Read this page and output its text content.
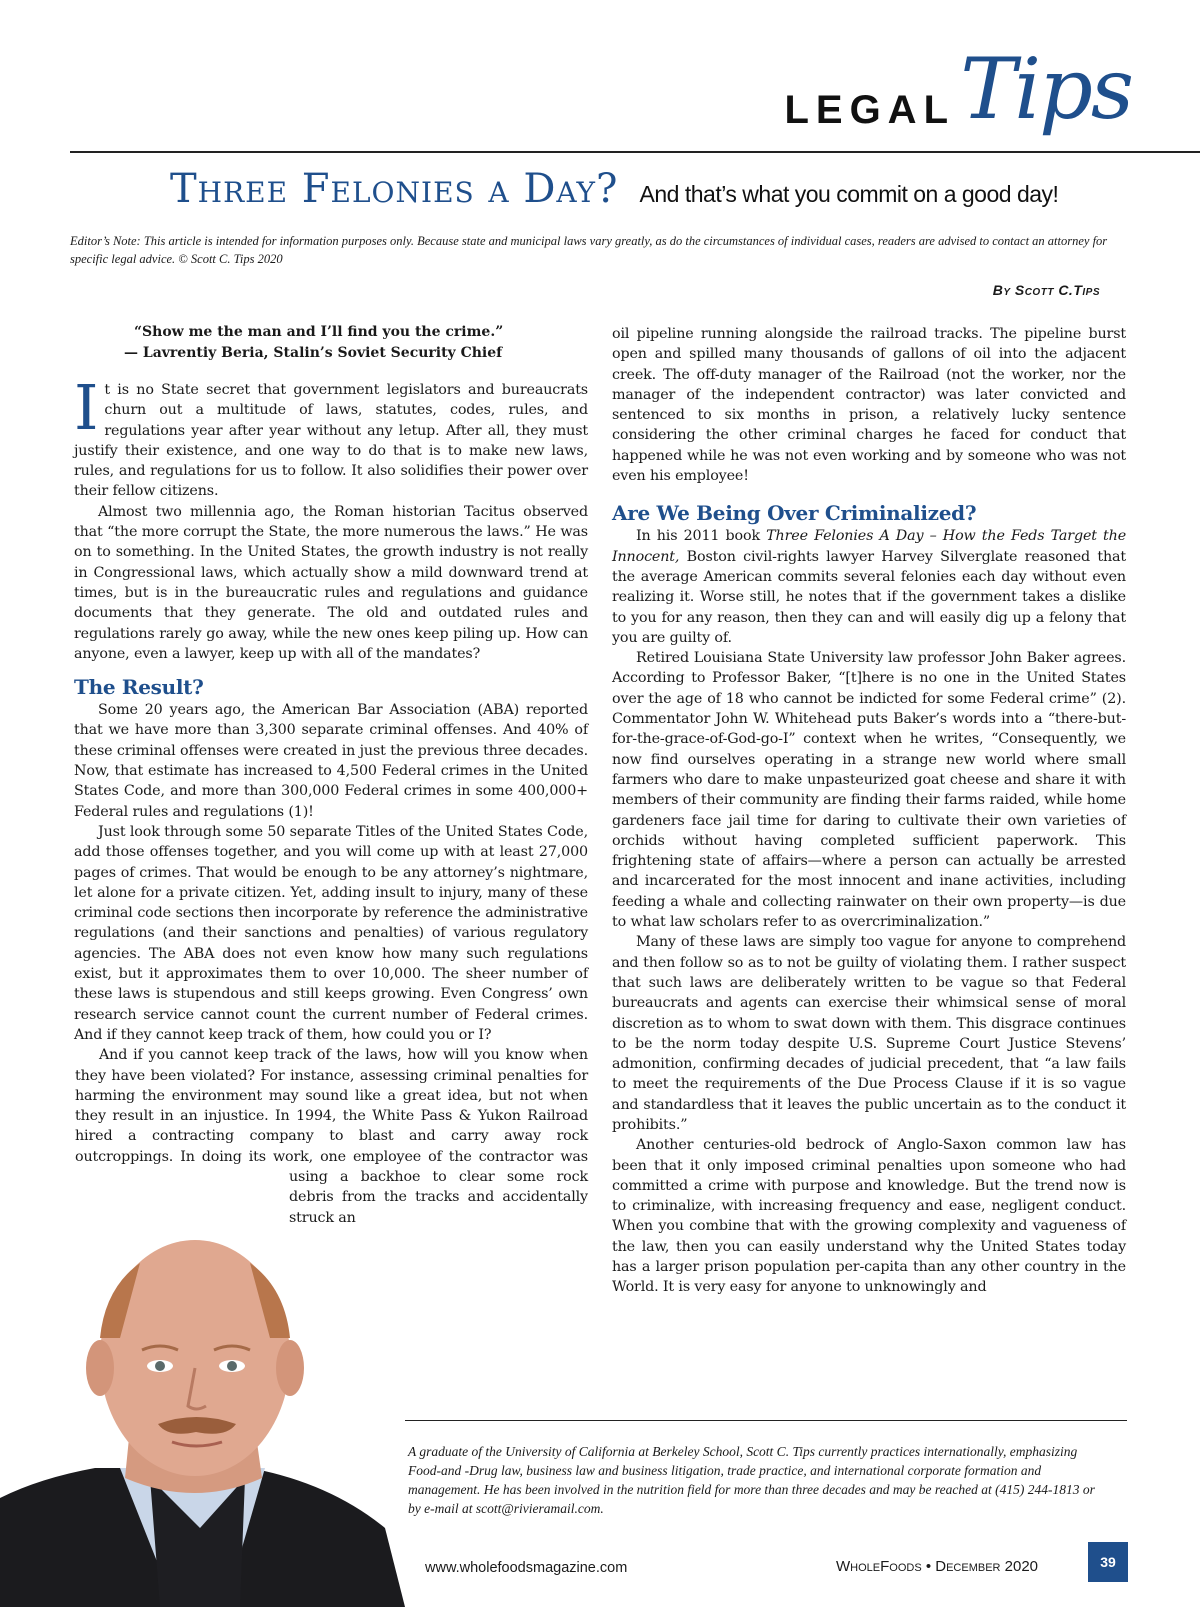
Tips
LEGAL
Three Felonies a Day? And that’s what you commit on a good day!
Editor’s Note: This article is intended for information purposes only. Because state and municipal laws vary greatly, as do the circumstances of individual cases, readers are advised to contact an attorney for specific legal advice. © Scott C. Tips 2020
By Scott C.Tips
“Show me the man and I’ll find you the crime.”
— Lavrentiy Beria, Stalin’s Soviet Security Chief

It is no State secret that government legislators and bureaucrats churn out a multitude of laws, statutes, codes, rules, and regulations year after year without any letup. After all, they must justify their existence, and one way to do that is to make new laws, rules, and regulations for us to follow. It also solidifies their power over their fellow citizens.

Almost two millennia ago, the Roman historian Tacitus observed that “the more corrupt the State, the more numerous the laws.” He was on to something. In the United States, the growth industry is not really in Congressional laws, which actually show a mild downward trend at times, but is in the bureaucratic rules and regulations and guidance documents that they generate. The old and outdated rules and regulations rarely go away, while the new ones keep piling up. How can anyone, even a lawyer, keep up with all of the mandates?

The Result?

Some 20 years ago, the American Bar Association (ABA) reported that we have more than 3,300 separate criminal offenses. And 40% of these criminal offenses were created in just the previous three decades. Now, that estimate has increased to 4,500 Federal crimes in the United States Code, and more than 300,000 Federal crimes in some 400,000+ Federal rules and regulations (1)!

Just look through some 50 separate Titles of the United States Code, add those offenses together, and you will come up with at least 27,000 pages of crimes. That would be enough to be any attorney’s nightmare, let alone for a private citizen. Yet, adding insult to injury, many of these criminal code sections then incorporate by reference the administrative regulations (and their sanctions and penalties) of various regulatory agencies. The ABA does not even know how many such regulations exist, but it approximates them to over 10,000. The sheer number of these laws is stupendous and still keeps growing. Even Congress’ own research service cannot count the current number of Federal crimes. And if they cannot keep track of them, how could you or I?

And if you cannot keep track of the laws, how will you know when they have been violated? For instance, assessing criminal penalties for harming the environment may sound like a great idea, but not when they result in an injustice. In 1994, the White Pass & Yukon Railroad hired a contracting company to blast and carry away rock outcroppings. In doing its work, one employee of the contractor was using a backhoe to clear some rock debris from the tracks and accidentally struck an

oil pipeline running alongside the railroad tracks. The pipeline burst open and spilled many thousands of gallons of oil into the adjacent creek. The off-duty manager of the Railroad (not the worker, nor the manager of the independent contractor) was later convicted and sentenced to six months in prison, a relatively lucky sentence considering the other criminal charges he faced for conduct that happened while he was not even working and by someone who was not even his employee!

Are We Being Over Criminalized?

In his 2011 book Three Felonies A Day – How the Feds Target the Innocent, Boston civil-rights lawyer Harvey Silverglate reasoned that the average American commits several felonies each day without even realizing it. Worse still, he notes that if the government takes a dislike to you for any reason, then they can and will easily dig up a felony that you are guilty of.

Retired Louisiana State University law professor John Baker agrees. According to Professor Baker, “[t]here is no one in the United States over the age of 18 who cannot be indicted for some Federal crime” (2). Commentator John W. Whitehead puts Baker’s words into a “there-but-for-the-grace-of-God-go-I” context when he writes, “Consequently, we now find ourselves operating in a strange new world where small farmers who dare to make unpasteurized goat cheese and share it with members of their community are finding their farms raided, while home gardeners face jail time for daring to cultivate their own varieties of orchids without having completed sufficient paperwork. This frightening state of affairs—where a person can actually be arrested and incarcerated for the most innocent and inane activities, including feeding a whale and collecting rainwater on their own property—is due to what law scholars refer to as overcriminalization.”

Many of these laws are simply too vague for anyone to comprehend and then follow so as to not be guilty of violating them. I rather suspect that such laws are deliberately written to be vague so that Federal bureaucrats and agents can exercise their whimsical sense of moral discretion as to whom to swat down with them. This disgrace continues to be the norm today despite U.S. Supreme Court Justice Stevens’ admonition, confirming decades of judicial precedent, that “a law fails to meet the requirements of the Due Process Clause if it is so vague and standardless that it leaves the public uncertain as to the conduct it prohibits.”

Another centuries-old bedrock of Anglo-Saxon common law has been that it only imposed criminal penalties upon someone who had committed a crime with purpose and knowledge. But the trend now is to criminalize, with increasing frequency and ease, negligent conduct. When you combine that with the growing complexity and vagueness of the law, then you can easily understand why the United States today has a larger prison population per-capita than any other country in the World. It is very easy for anyone to unknowingly and

A graduate of the University of California at Berkeley School, Scott C. Tips currently practices internationally, emphasizing Food-and -Drug law, business law and business litigation, trade practice, and international corporate formation and management. He has been involved in the nutrition field for more than three decades and may be reached at (415) 244-1813 or by e-mail at scott@rivieramail.com.
www.wholefoodsmagazine.com	WholeFoods • December 2020	39
